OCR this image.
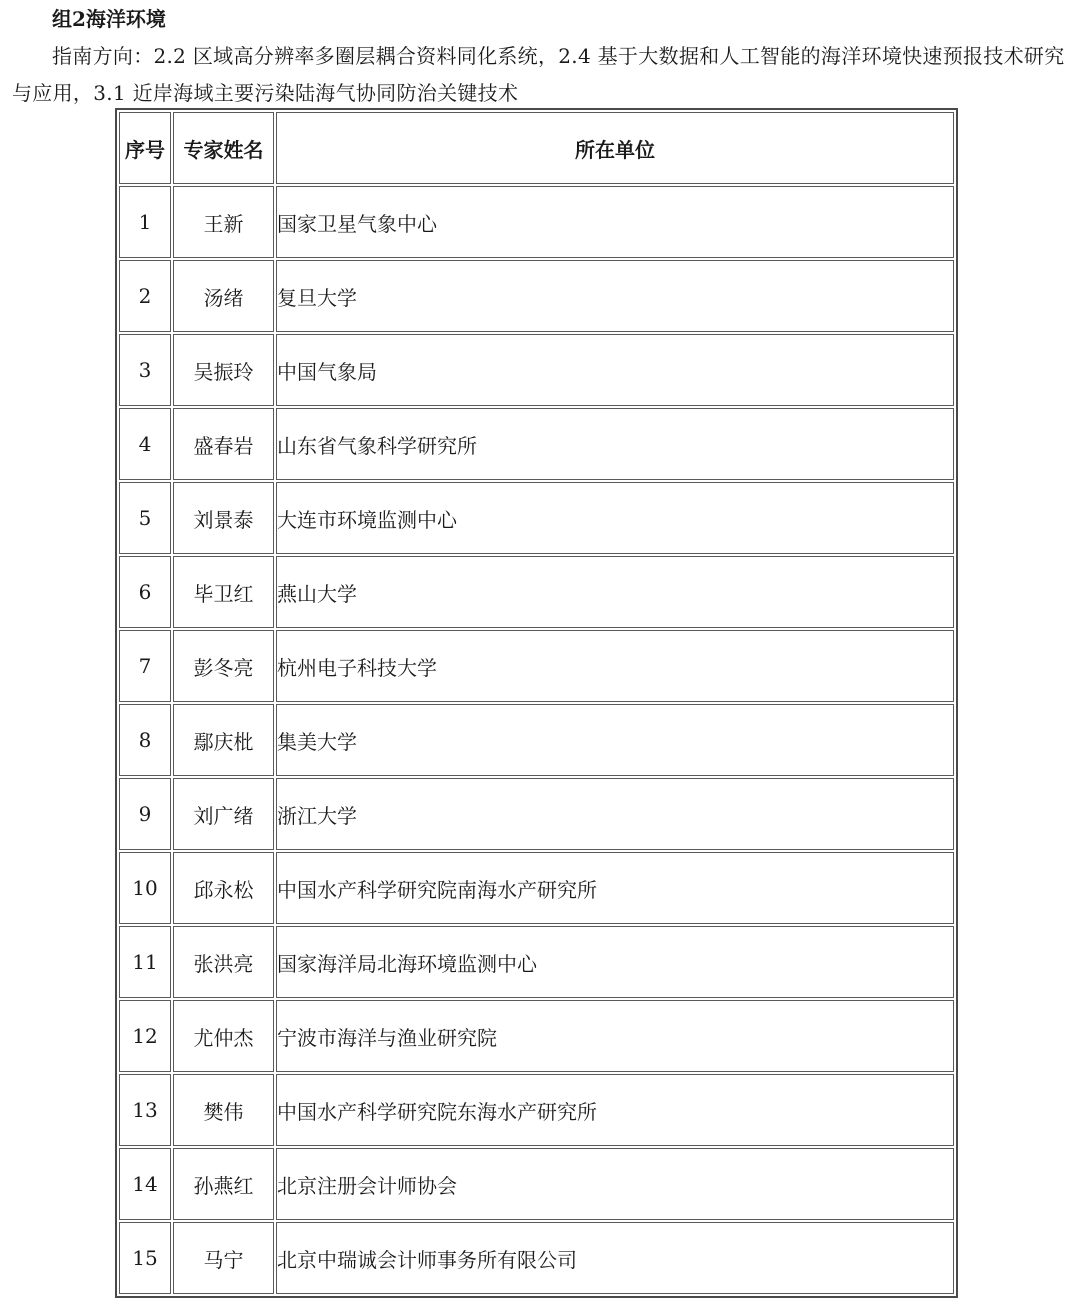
组2海洋环境

指南方向：2.2 区域高分辨率多圈层耦合资料同化系统，2.4 基于大数据和人工智能的海洋环境快速预报技术研究与应用，3.1 近岸海域主要污染陆海气协同防治关键技术

序号	专家姓名	所在单位
1	王新	国家卫星气象中心
2	汤绪	复旦大学
3	吴振玲	中国气象局
4	盛春岩	山东省气象科学研究所
5	刘景泰	大连市环境监测中心
6	毕卫红	燕山大学
7	彭冬亮	杭州电子科技大学
8	鄢庆枇	集美大学
9	刘广绪	浙江大学
10	邱永松	中国水产科学研究院南海水产研究所
11	张洪亮	国家海洋局北海环境监测中心
12	尤仲杰	宁波市海洋与渔业研究院
13	樊伟	中国水产科学研究院东海水产研究所
14	孙燕红	北京注册会计师协会
15	马宁	北京中瑞诚会计师事务所有限公司
